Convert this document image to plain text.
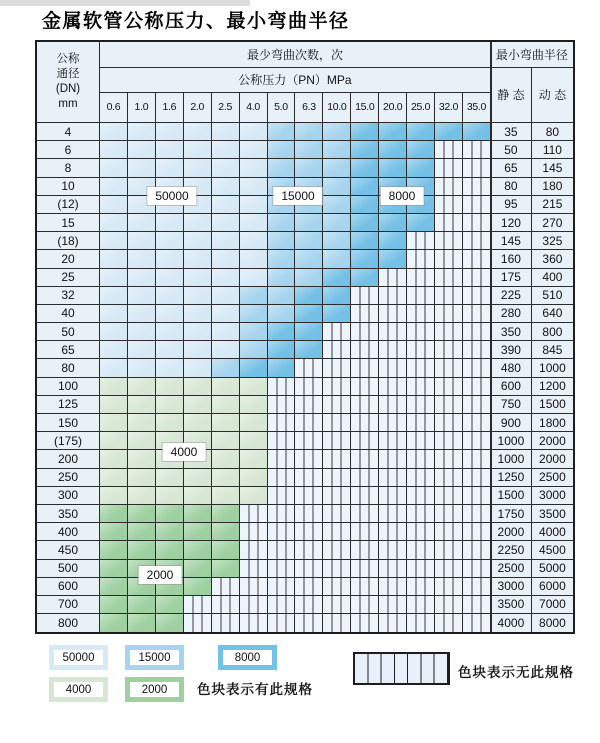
金属软管公称压力、最小弯曲半径
公称
通径
(DN)
mm
最少弯曲次数，次	最小弯曲半径
公称压力（PN）MPa
静 态	动 态
0.6	1.0	1.6	2.0	2.5	4.0	5.0	6.3	10.0 15.0 20.0 25.0 32.0 35.0
4	35	80
6	50	110
8	65	145
10	80	180
(12)	95	215
15	120	270
(18)	145	325
20	160	360
25	175	400
32	225	510
40	280	640
50	350	800
65	390	845
80	480	1000
100	600	1200
125	750	1500
150	900	1800
(175)	1000	2000
200	1000	2000
250	1250	2500
300	1500	3000
350	1750	3500
400	2000	4000
450	2250	4500
500	2500	5000
600	3000	6000
700	3500	7000
800	4000	8000
50000	15000	8000
4000
2000
色块表示有此规格
色块表示无此规格
50000	15000	8000
4000	2000
